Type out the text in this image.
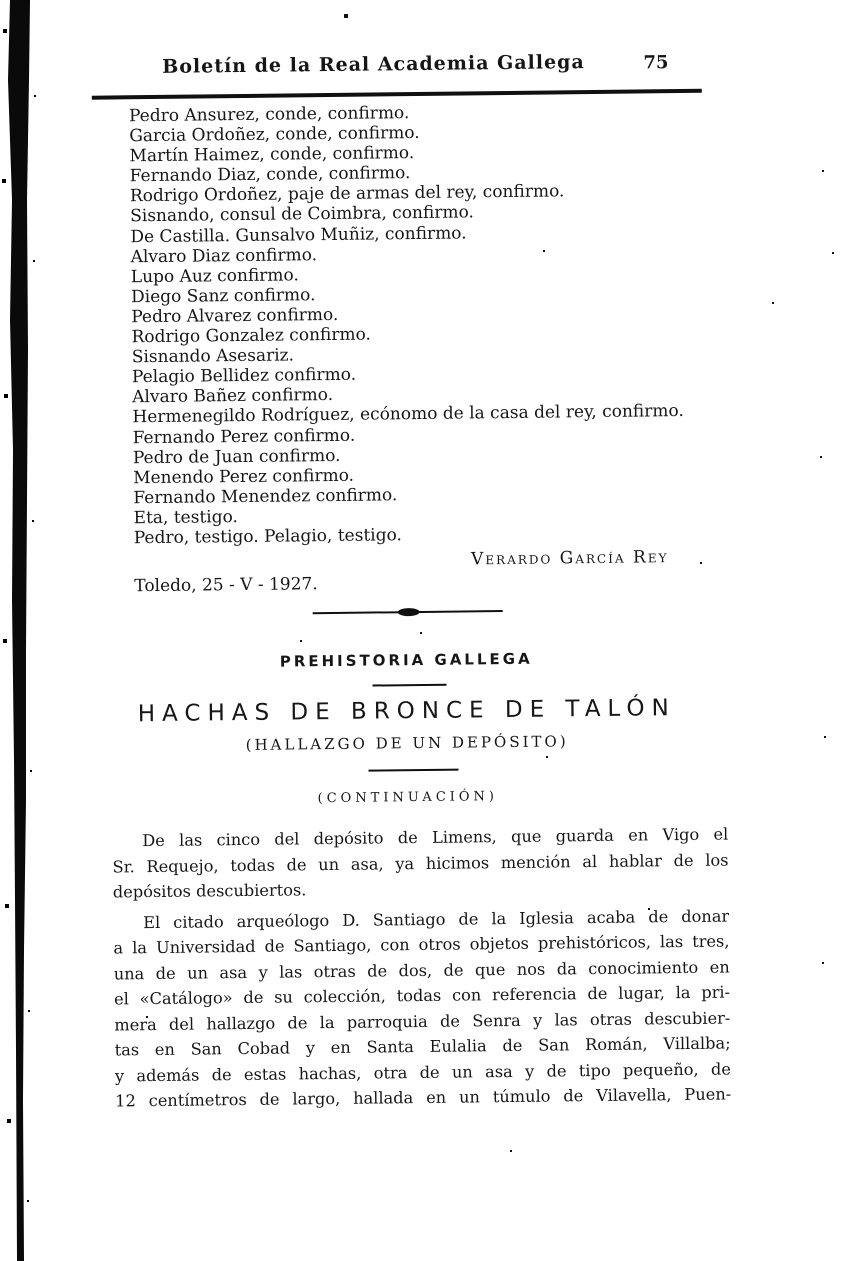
Boletín de la Real Academia Gallega	75
Pedro Ansurez, conde, confirmo.
Garcia Ordoñez, conde, confirmo.
Martín Haimez, conde, confirmo.
Fernando Diaz, conde, confirmo.
Rodrigo Ordoñez, paje de armas del rey, confirmo.
Sisnando, consul de Coimbra, confirmo.
De Castilla. Gunsalvo Muñiz, confirmo.
Alvaro Diaz confirmo.
Lupo Auz confirmo.
Diego Sanz confirmo.
Pedro Alvarez confirmo.
Rodrigo Gonzalez confirmo.
Sisnando Asesariz.
Pelagio Bellidez confirmo.
Alvaro Bañez confirmo.
Hermenegildo Rodríguez, ecónomo de la casa del rey, confirmo.
Fernando Perez confirmo.
Pedro de Juan confirmo.
Menendo Perez confirmo.
Fernando Menendez confirmo.
Eta, testigo.
Pedro, testigo. Pelagio, testigo.
Verardo García Rey
Toledo, 25 - V - 1927.
PREHISTORIA GALLEGA
HACHAS DE BRONCE DE TALÓN
(HALLAZGO DE UN DEPÓSITO)
(CONTINUACIÓN)
De las cinco del depósito de Limens, que guarda en Vigo el
Sr. Requejo, todas de un asa, ya hicimos mención al hablar de los
depósitos descubiertos.
El citado arqueólogo D. Santiago de la Iglesia acaba de donar
a la Universidad de Santiago, con otros objetos prehistóricos, las tres,
una de un asa y las otras de dos, de que nos da conocimiento en
el «Catálogo» de su colección, todas con referencia de lugar, la pri-
mera del hallazgo de la parroquia de Senra y las otras descubier-
tas en San Cobad y en Santa Eulalia de San Román, Villalba;
y además de estas hachas, otra de un asa y de tipo pequeño, de
12 centímetros de largo, hallada en un túmulo de Vilavella, Puen-
